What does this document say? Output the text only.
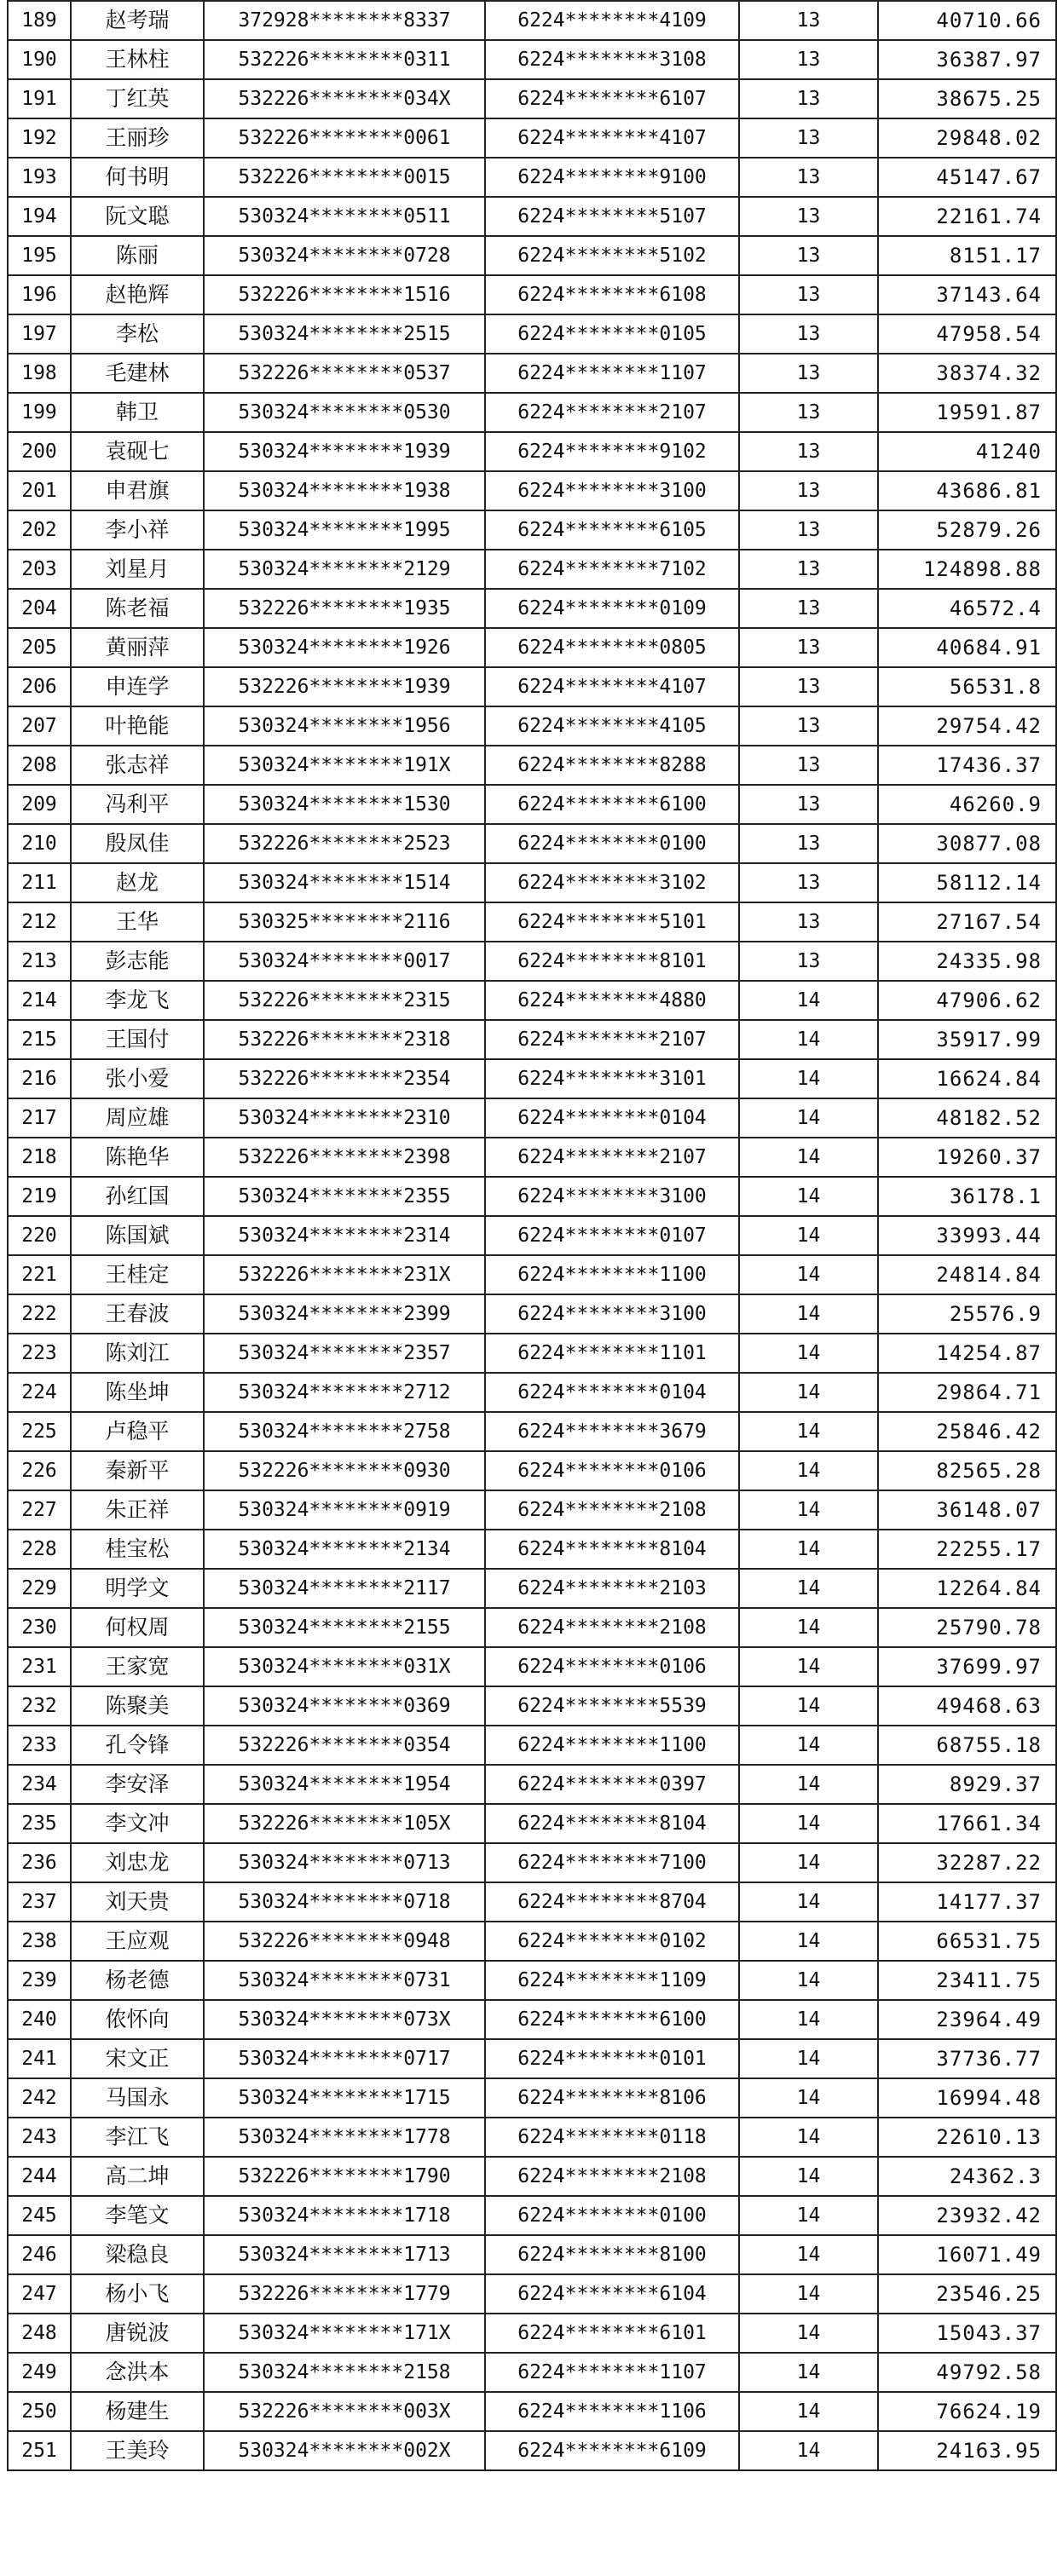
189	赵考瑞	372928********8337	6224********4109	13	40710.66
190	王林柱	532226********0311	6224********3108	13	36387.97
191	丁红英	532226********034X	6224********6107	13	38675.25
192	王丽珍	532226********0061	6224********4107	13	29848.02
193	何书明	532226********0015	6224********9100	13	45147.67
194	阮文聪	530324********0511	6224********5107	13	22161.74
195	陈丽	530324********0728	6224********5102	13	8151.17
196	赵艳辉	532226********1516	6224********6108	13	37143.64
197	李松	530324********2515	6224********0105	13	47958.54
198	毛建林	532226********0537	6224********1107	13	38374.32
199	韩卫	530324********0530	6224********2107	13	19591.87
200	袁砚七	530324********1939	6224********9102	13	41240
201	申君旗	530324********1938	6224********3100	13	43686.81
202	李小祥	530324********1995	6224********6105	13	52879.26
203	刘星月	530324********2129	6224********7102	13	124898.88
204	陈老福	532226********1935	6224********0109	13	46572.4
205	黄丽萍	530324********1926	6224********0805	13	40684.91
206	申连学	532226********1939	6224********4107	13	56531.8
207	叶艳能	530324********1956	6224********4105	13	29754.42
208	张志祥	530324********191X	6224********8288	13	17436.37
209	冯利平	530324********1530	6224********6100	13	46260.9
210	殷凤佳	532226********2523	6224********0100	13	30877.08
211	赵龙	530324********1514	6224********3102	13	58112.14
212	王华	530325********2116	6224********5101	13	27167.54
213	彭志能	530324********0017	6224********8101	13	24335.98
214	李龙飞	532226********2315	6224********4880	14	47906.62
215	王国付	532226********2318	6224********2107	14	35917.99
216	张小爱	532226********2354	6224********3101	14	16624.84
217	周应雄	530324********2310	6224********0104	14	48182.52
218	陈艳华	532226********2398	6224********2107	14	19260.37
219	孙红国	530324********2355	6224********3100	14	36178.1
220	陈国斌	530324********2314	6224********0107	14	33993.44
221	王桂定	532226********231X	6224********1100	14	24814.84
222	王春波	530324********2399	6224********3100	14	25576.9
223	陈刘江	530324********2357	6224********1101	14	14254.87
224	陈坐坤	530324********2712	6224********0104	14	29864.71
225	卢稳平	530324********2758	6224********3679	14	25846.42
226	秦新平	532226********0930	6224********0106	14	82565.28
227	朱正祥	530324********0919	6224********2108	14	36148.07
228	桂宝松	530324********2134	6224********8104	14	22255.17
229	明学文	530324********2117	6224********2103	14	12264.84
230	何权周	530324********2155	6224********2108	14	25790.78
231	王家宽	530324********031X	6224********0106	14	37699.97
232	陈聚美	530324********0369	6224********5539	14	49468.63
233	孔令锋	532226********0354	6224********1100	14	68755.18
234	李安泽	530324********1954	6224********0397	14	8929.37
235	李文冲	532226********105X	6224********8104	14	17661.34
236	刘忠龙	530324********0713	6224********7100	14	32287.22
237	刘天贵	530324********0718	6224********8704	14	14177.37
238	王应观	532226********0948	6224********0102	14	66531.75
239	杨老德	530324********0731	6224********1109	14	23411.75
240	侬怀向	530324********073X	6224********6100	14	23964.49
241	宋文正	530324********0717	6224********0101	14	37736.77
242	马国永	530324********1715	6224********8106	14	16994.48
243	李江飞	530324********1778	6224********0118	14	22610.13
244	高二坤	532226********1790	6224********2108	14	24362.3
245	李笔文	530324********1718	6224********0100	14	23932.42
246	梁稳良	530324********1713	6224********8100	14	16071.49
247	杨小飞	532226********1779	6224********6104	14	23546.25
248	唐锐波	530324********171X	6224********6101	14	15043.37
249	念洪本	530324********2158	6224********1107	14	49792.58
250	杨建生	532226********003X	6224********1106	14	76624.19
251	王美玲	530324********002X	6224********6109	14	24163.95
